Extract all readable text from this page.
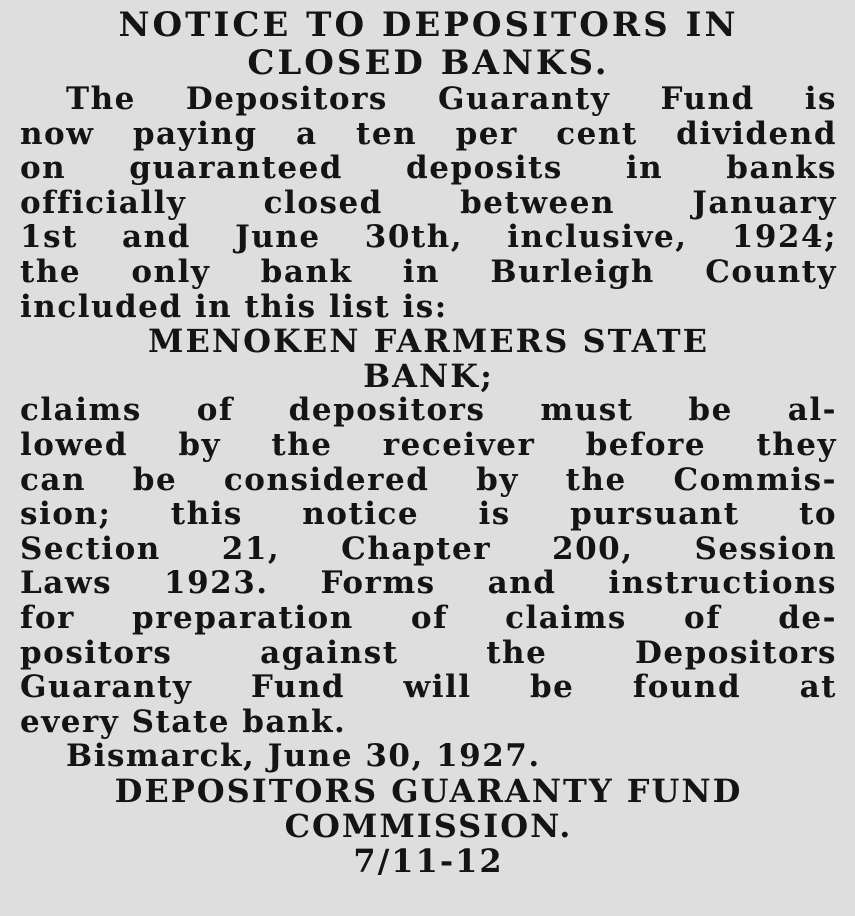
NOTICE TO DEPOSITORS IN
CLOSED BANKS.
The Depositors Guaranty Fund is
now paying a ten per cent dividend
on guaranteed deposits in banks
officially closed between January
1st and June 30th, inclusive, 1924;
the only bank in Burleigh County
included in this list is:
MENOKEN FARMERS STATE
BANK;
claims of depositors must be al-
lowed by the receiver before they
can be considered by the Commis-
sion; this notice is pursuant to
Section 21, Chapter 200, Session
Laws 1923. Forms and instructions
for preparation of claims of de-
positors against the Depositors
Guaranty Fund will be found at
every State bank.
Bismarck, June 30, 1927.
DEPOSITORS GUARANTY FUND
COMMISSION.
7/11-12
